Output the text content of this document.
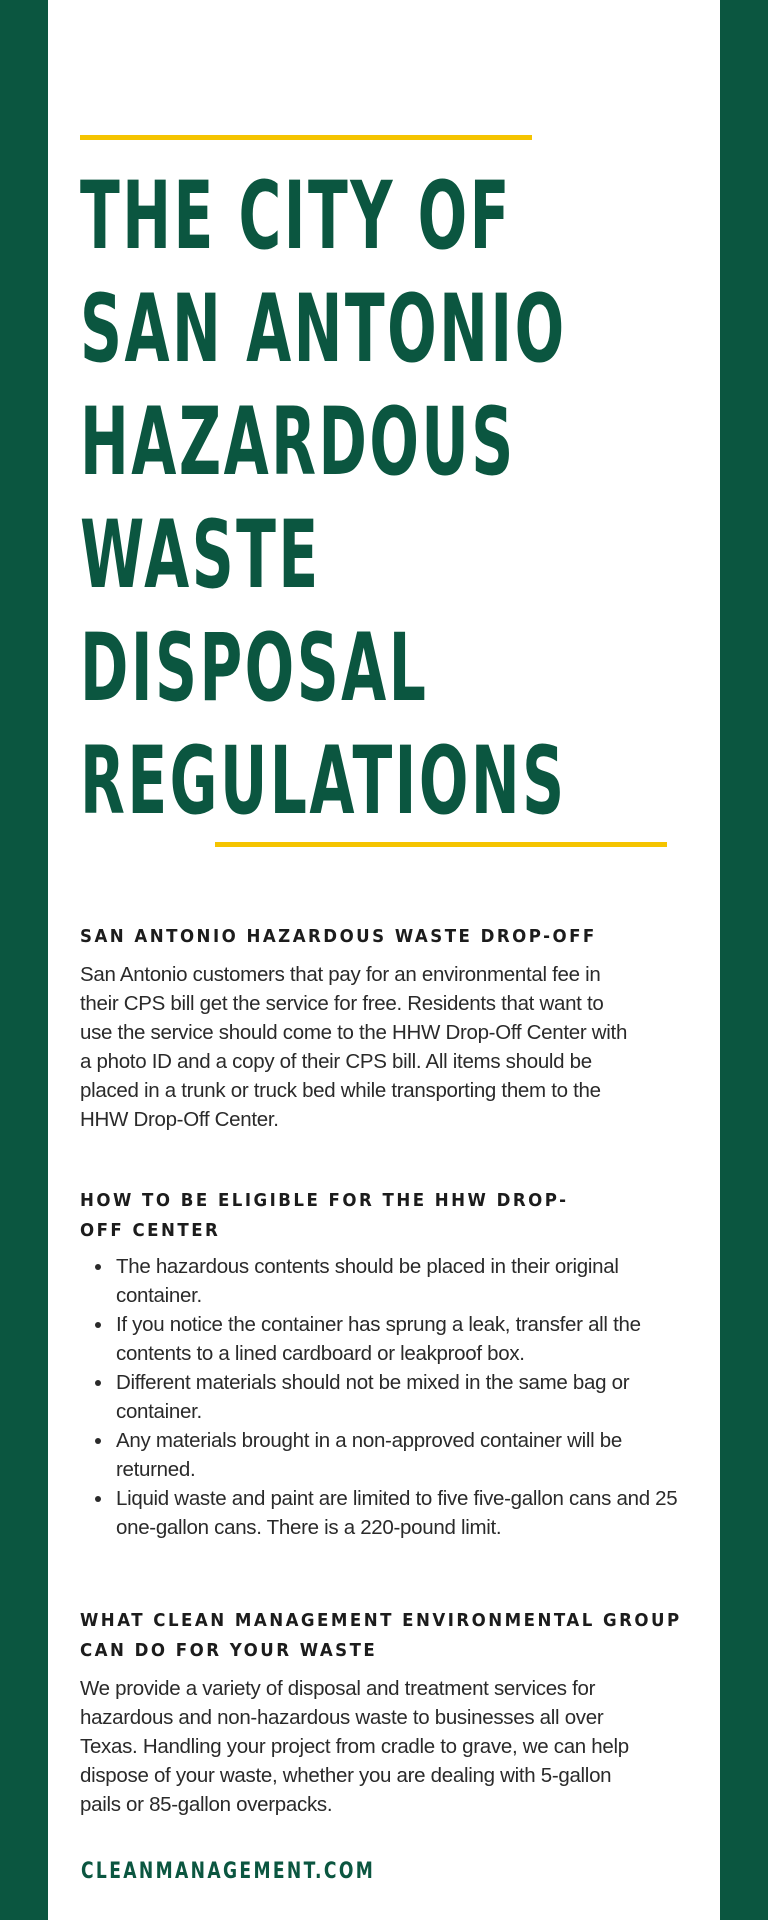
THE CITY OF
SAN ANTONIO
HAZARDOUS
WASTE
DISPOSAL
REGULATIONS
SAN ANTONIO HAZARDOUS WASTE DROP-OFF

San Antonio customers that pay for an environmental fee in their CPS bill get the service for free. Residents that want to use the service should come to the HHW Drop-Off Center with a photo ID and a copy of their CPS bill. All items should be placed in a trunk or truck bed while transporting them to the HHW Drop-Off Center.

HOW TO BE ELIGIBLE FOR THE HHW DROP-OFF CENTER
• The hazardous contents should be placed in their original container.
• If you notice the container has sprung a leak, transfer all the contents to a lined cardboard or leakproof box.
• Different materials should not be mixed in the same bag or container.
• Any materials brought in a non-approved container will be returned.
• Liquid waste and paint are limited to five five-gallon cans and 25 one-gallon cans. There is a 220-pound limit.
WHAT CLEAN MANAGEMENT ENVIRONMENTAL GROUP CAN DO FOR YOUR WASTE

We provide a variety of disposal and treatment services for hazardous and non-hazardous waste to businesses all over Texas. Handling your project from cradle to grave, we can help dispose of your waste, whether you are dealing with 5-gallon pails or 85-gallon overpacks.

CLEANMANAGEMENT.COM
